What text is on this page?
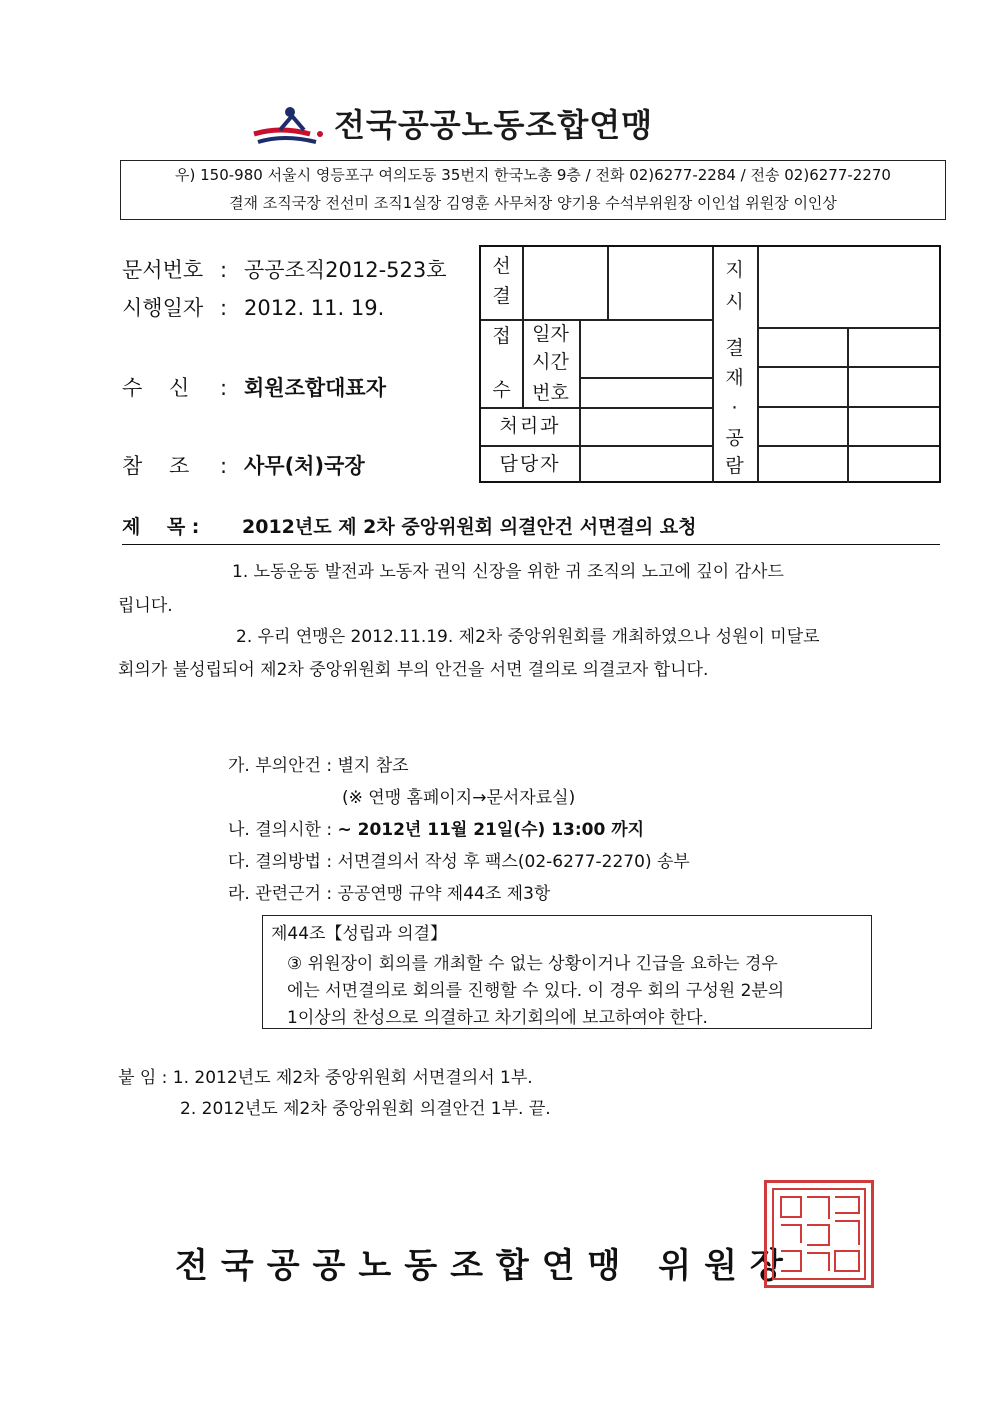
전국공공노동조합연맹
우) 150-980 서울시 영등포구 여의도동 35번지 한국노총 9층 / 전화 02)6277-2284 / 전송 02)6277-2270
결재 조직국장 전선미 조직1실장 김영훈 사무처장 양기용 수석부위원장 이인섭 위원장 이인상
문서번호 : 공공조직2012-523호
시행일자 : 2012. 11. 19.
수    신 : 회원조합대표자
참    조 : 사무(처)국장
선
결
지
시
접
수
일자
시간
번호
처리과
담당자
결
재
·
공
람
제    목 : 2012년도 제 2차 중앙위원회 의결안건 서면결의 요청
1. 노동운동 발전과 노동자 권익 신장을 위한 귀 조직의 노고에 깊이 감사드
립니다.
2. 우리 연맹은 2012.11.19. 제2차 중앙위원회를 개최하였으나 성원이 미달로
회의가 불성립되어 제2차 중앙위원회 부의 안건을 서면 결의로 의결코자 합니다.
가. 부의안건 : 별지 참조
(※ 연맹 홈페이지→문서자료실)
나. 결의시한 : ~ 2012년 11월 21일(수) 13:00 까지
다. 결의방법 : 서면결의서 작성 후 팩스(02-6277-2270) 송부
라. 관련근거 : 공공연맹 규약 제44조 제3항
제44조【성립과 의결】
③ 위원장이 회의를 개최할 수 없는 상황이거나 긴급을 요하는 경우
에는 서면결의로 회의를 진행할 수 있다. 이 경우 회의 구성원 2분의
1이상의 찬성으로 의결하고 차기회의에 보고하여야 한다.
붙 임 : 1. 2012년도 제2차 중앙위원회 서면결의서 1부.
2. 2012년도 제2차 중앙위원회 의결안건 1부. 끝.
전국공공노동조합연맹 위원장
